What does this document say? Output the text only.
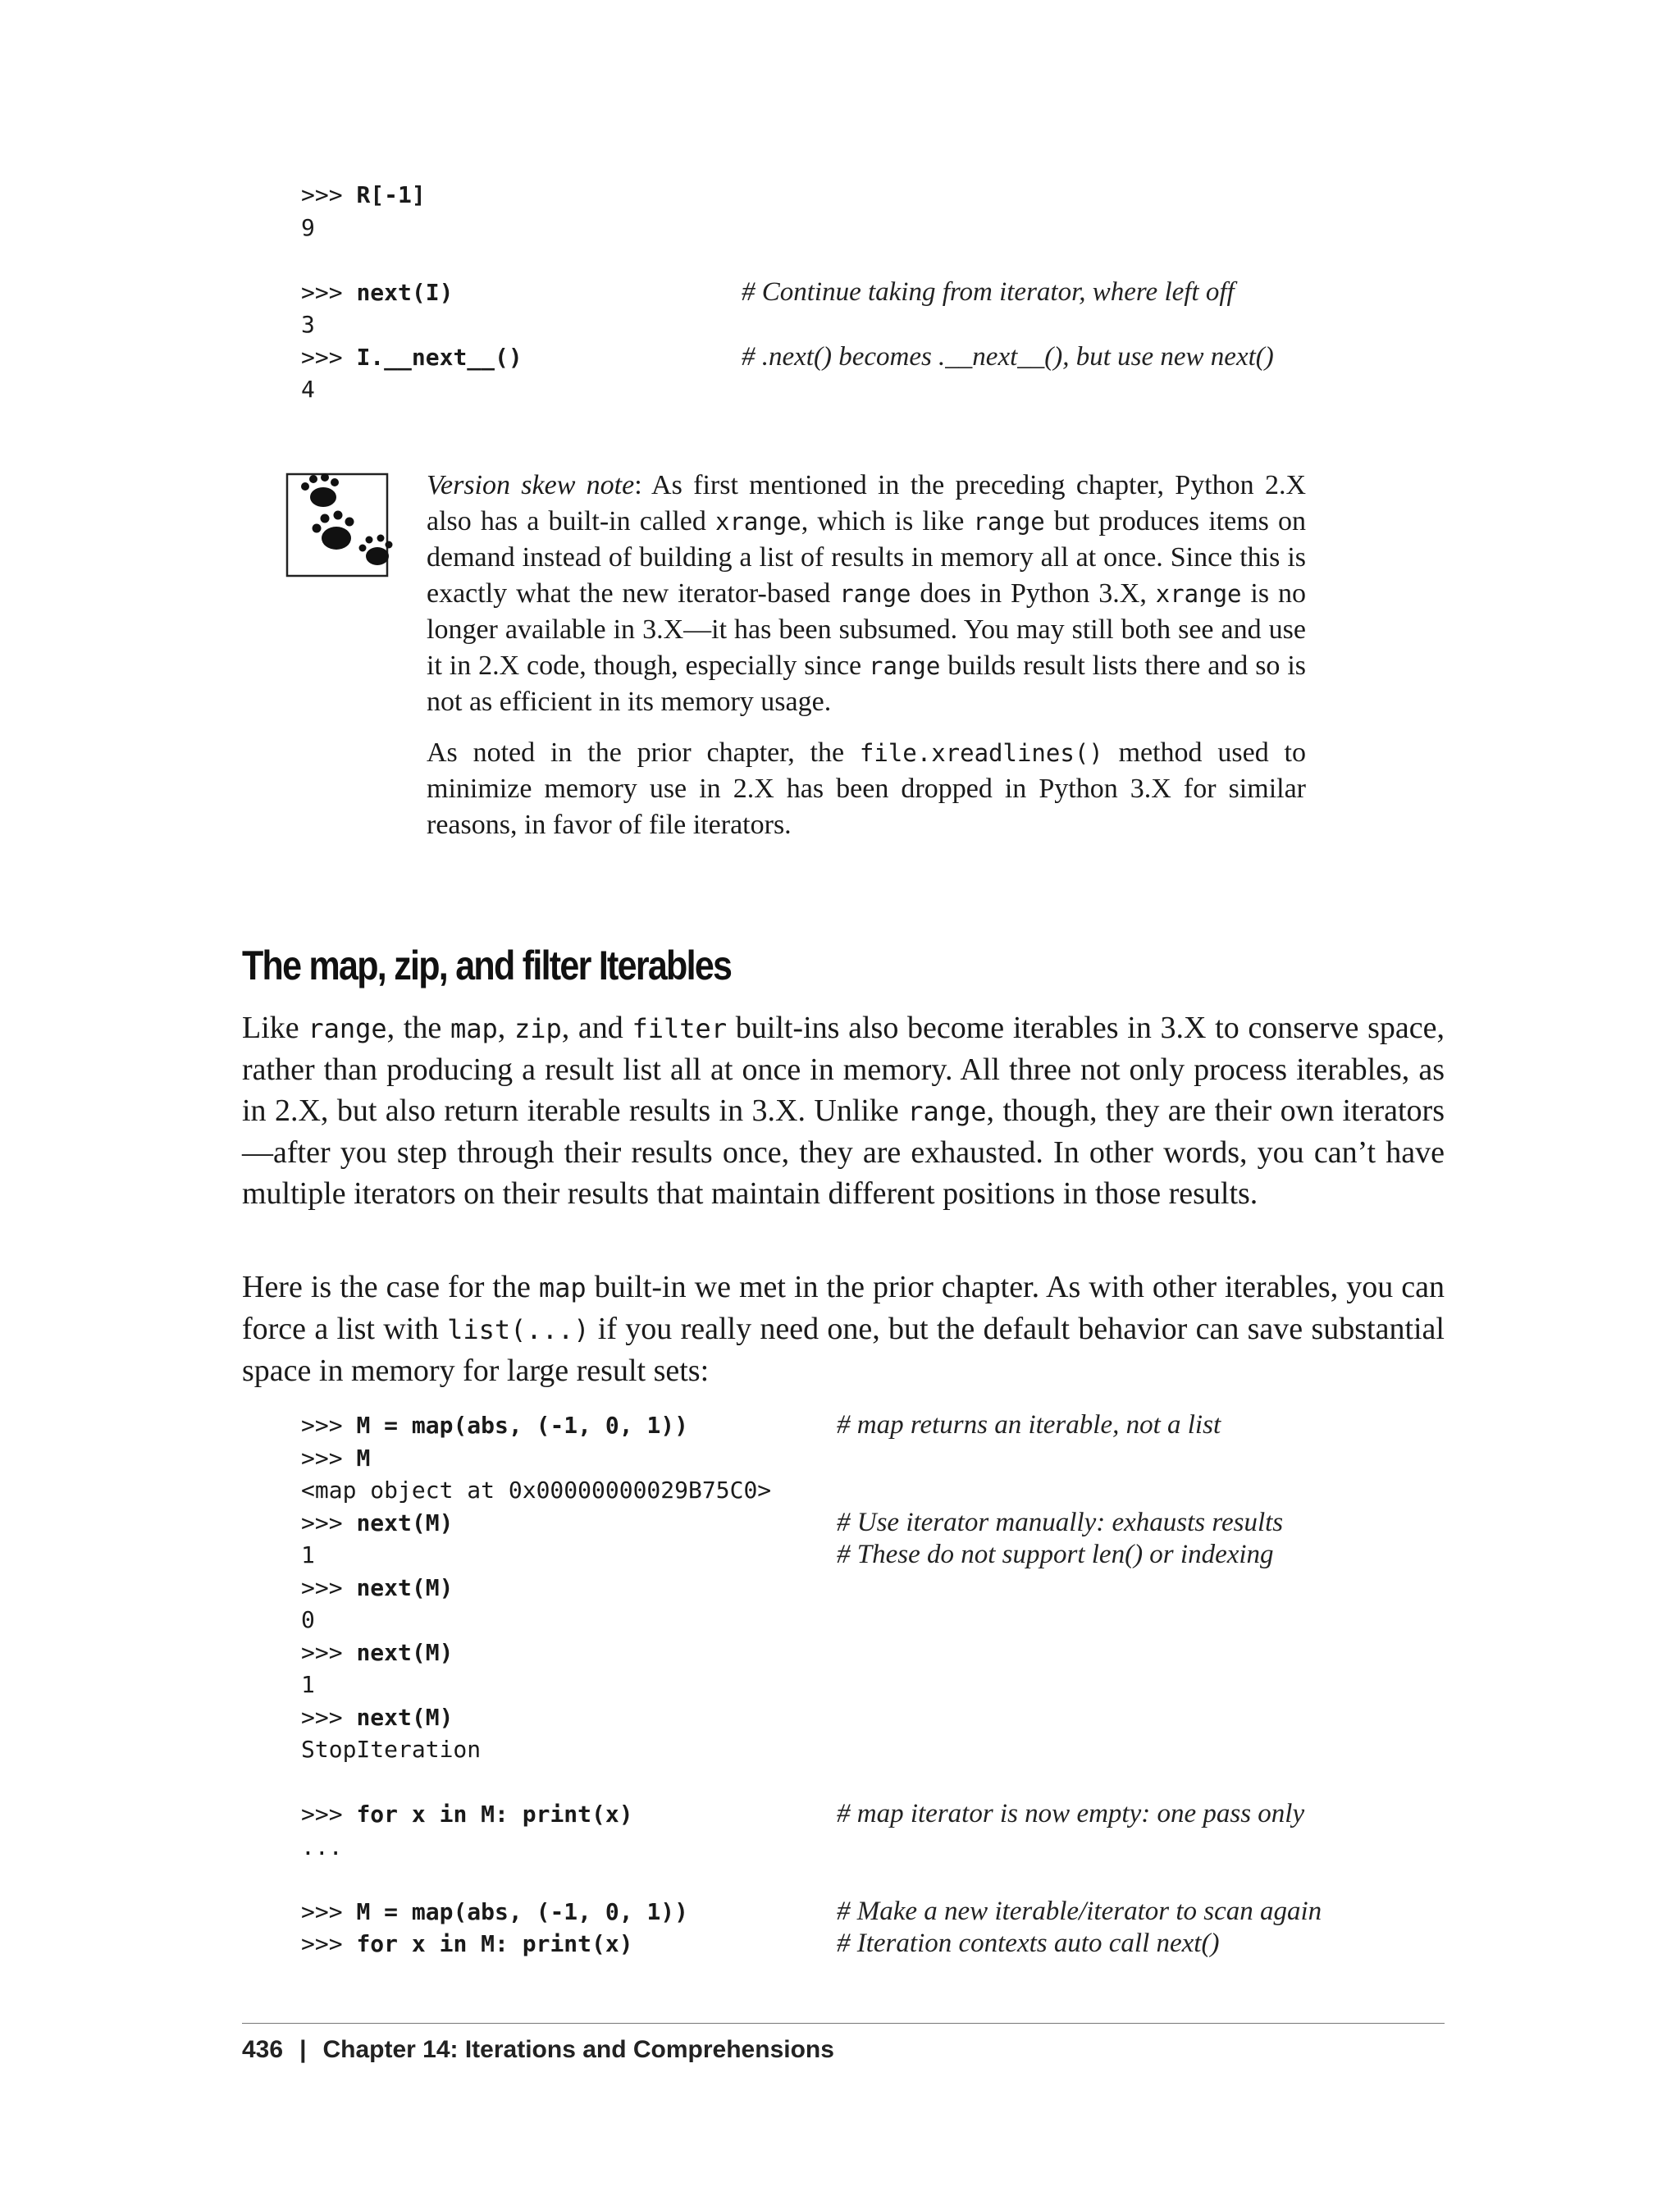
>>> R[-1]
9
>>> next(I)	# Continue taking from iterator, where left off
3
>>> I.__next__()	# .next() becomes .__next__(), but use new next()
4

Version skew note: As first mentioned in the preceding chapter, Python 2.X also has a built-in called xrange, which is like range but produces items on demand instead of building a list of results in memory all at once. Since this is exactly what the new iterator-based range does in Python 3.X, xrange is no longer available in 3.X—it has been subsumed. You may still both see and use it in 2.X code, though, especially since range builds result lists there and so is not as efficient in its memory usage.

As noted in the prior chapter, the file.xreadlines() method used to minimize memory use in 2.X has been dropped in Python 3.X for similar reasons, in favor of file iterators.

The map, zip, and filter Iterables

Like range, the map, zip, and filter built-ins also become iterables in 3.X to conserve space, rather than producing a result list all at once in memory. All three not only process iterables, as in 2.X, but also return iterable results in 3.X. Unlike range, though, they are their own iterators—after you step through their results once, they are exhausted. In other words, you can’t have multiple iterators on their results that maintain different positions in those results.

Here is the case for the map built-in we met in the prior chapter. As with other iterables, you can force a list with list(...) if you really need one, but the default behavior can save substantial space in memory for large result sets:

>>> M = map(abs, (-1, 0, 1))	# map returns an iterable, not a list
>>> M
<map object at 0x00000000029B75C0>
>>> next(M)	# Use iterator manually: exhausts results
1	# These do not support len() or indexing
>>> next(M)
0
>>> next(M)
1
>>> next(M)
StopIteration
>>> for x in M: print(x)	# map iterator is now empty: one pass only
...
>>> M = map(abs, (-1, 0, 1))	# Make a new iterable/iterator to scan again
>>> for x in M: print(x)	# Iteration contexts auto call next()
436 | Chapter 14: Iterations and Comprehensions
